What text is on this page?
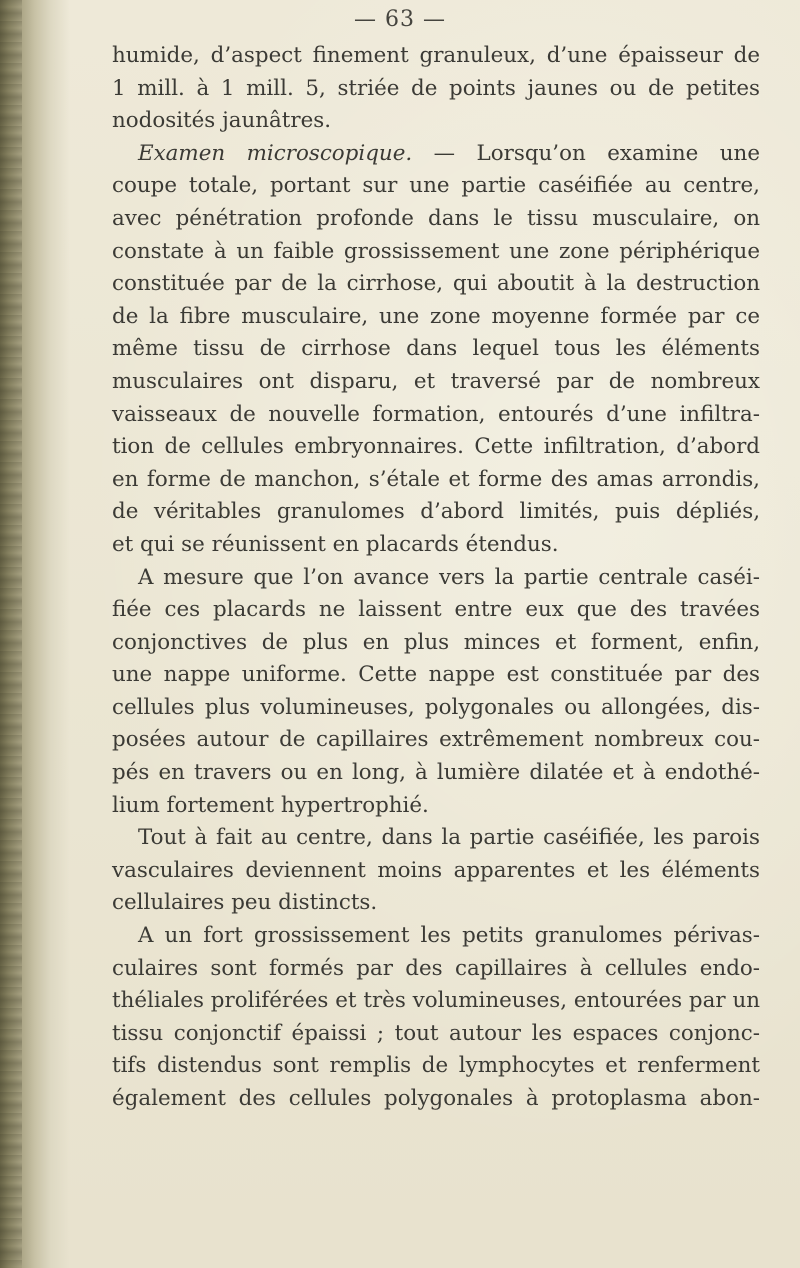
— 63 —
humide, d’aspect finement granuleux, d’une épaisseur de
1 mill. à 1 mill. 5, striée de points jaunes ou de petites
nodosités jaunâtres.
Examen microscopique. — Lorsqu’on examine une
coupe totale, portant sur une partie caséifiée au centre,
avec pénétration profonde dans le tissu musculaire, on
constate à un faible grossissement une zone périphérique
constituée par de la cirrhose, qui aboutit à la destruction
de la fibre musculaire, une zone moyenne formée par ce
même tissu de cirrhose dans lequel tous les éléments
musculaires ont disparu, et traversé par de nombreux
vaisseaux de nouvelle formation, entourés d’une infiltra-
tion de cellules embryonnaires. Cette infiltration, d’abord
en forme de manchon, s’étale et forme des amas arrondis,
de véritables granulomes d’abord limités, puis dépliés,
et qui se réunissent en placards étendus.
A mesure que l’on avance vers la partie centrale caséi-
fiée ces placards ne laissent entre eux que des travées
conjonctives de plus en plus minces et forment, enfin,
une nappe uniforme. Cette nappe est constituée par des
cellules plus volumineuses, polygonales ou allongées, dis-
posées autour de capillaires extrêmement nombreux cou-
pés en travers ou en long, à lumière dilatée et à endothé-
lium fortement hypertrophié.
Tout à fait au centre, dans la partie caséifiée, les parois
vasculaires deviennent moins apparentes et les éléments
cellulaires peu distincts.
A un fort grossissement les petits granulomes périvas-
culaires sont formés par des capillaires à cellules endo-
théliales proliférées et très volumineuses, entourées par un
tissu conjonctif épaissi ; tout autour les espaces conjonc-
tifs distendus sont remplis de lymphocytes et renferment
également des cellules polygonales à protoplasma abon-
